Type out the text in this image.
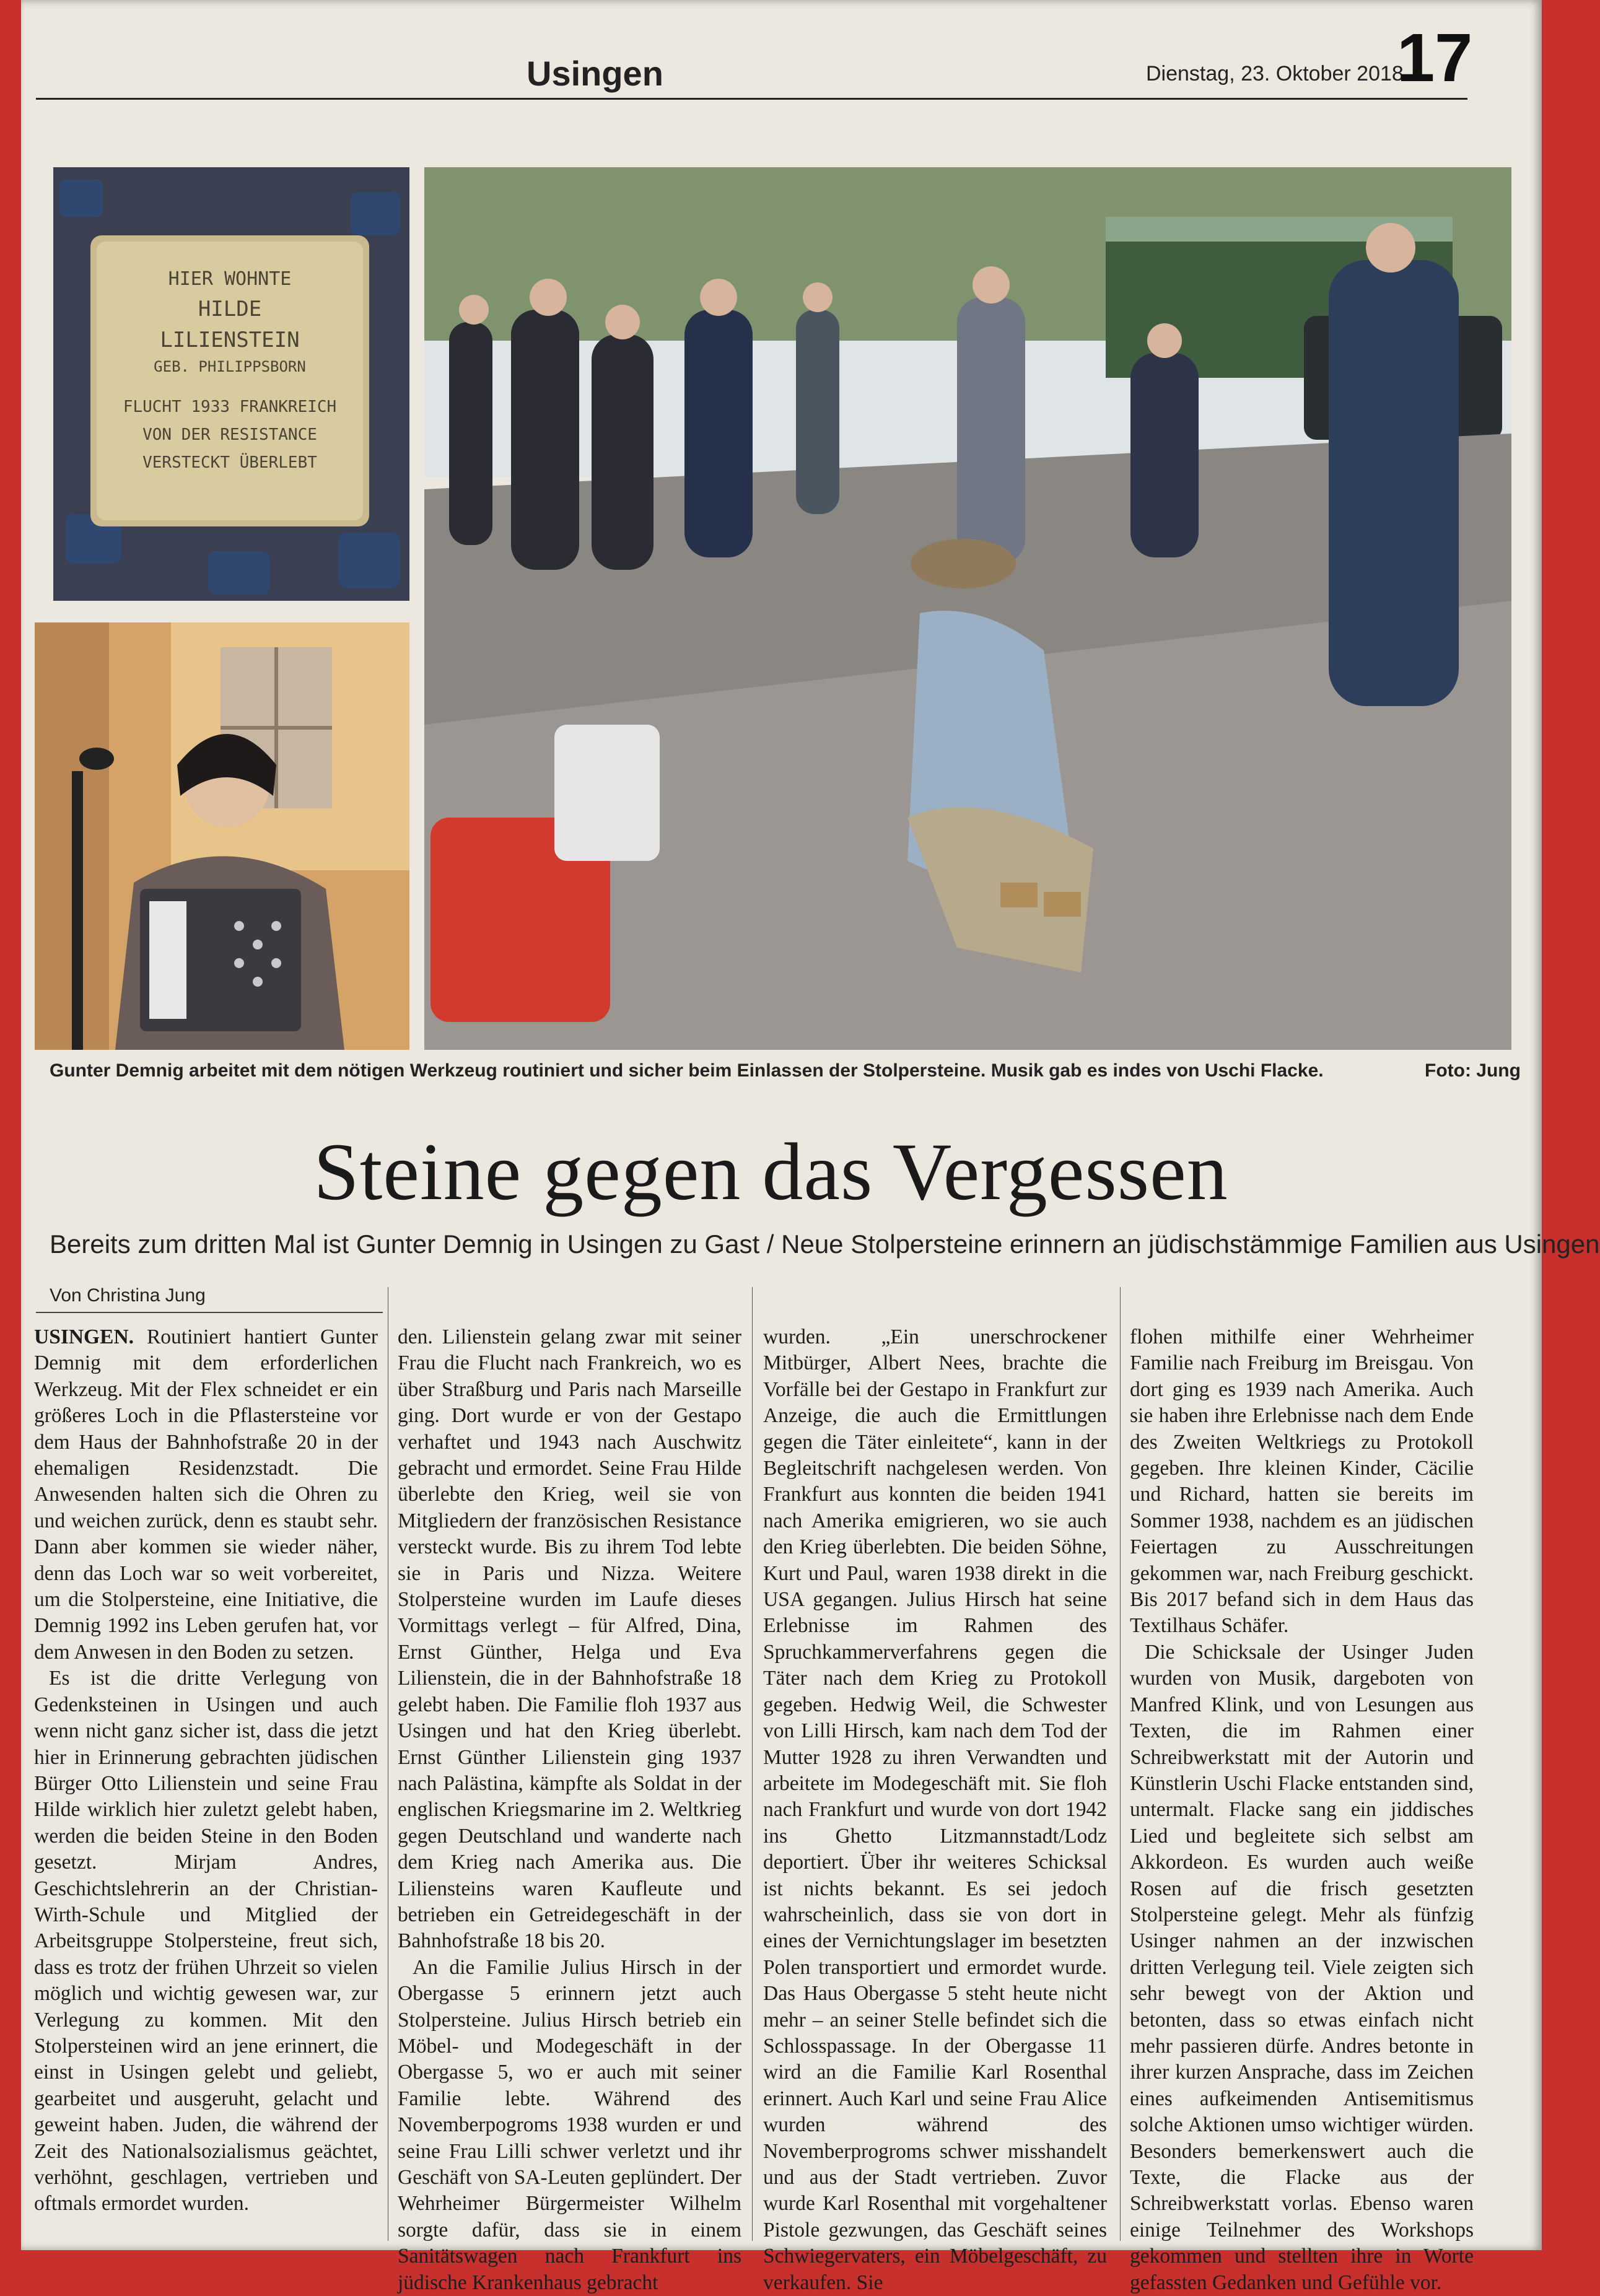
Usingen	Dienstag, 23. Oktober 2018
17
HIER WOHNTE
HILDE
LILIENSTEIN
GEB. PHILIPPSBORN
FLUCHT 1933 FRANKREICH
VON DER RESISTANCE
VERSTECKT ÜBERLEBT
Gunter Demnig arbeitet mit dem nötigen Werkzeug routiniert und sicher beim Einlassen der Stolpersteine. Musik gab es indes von Uschi Flacke.	Foto: Jung
Steine gegen das Vergessen
Bereits zum dritten Mal ist Gunter Demnig in Usingen zu Gast / Neue Stolpersteine erinnern an jüdischstämmige Familien aus Usingen
Von Christina Jung

USINGEN. Routiniert hantiert Gunter Demnig mit dem erforderlichen Werkzeug. Mit der Flex schneidet er ein größeres Loch in die Pflastersteine vor dem Haus der Bahnhofstraße 20 in der ehemaligen Residenzstadt. Die Anwesenden halten sich die Ohren zu und weichen zurück, denn es staubt sehr. Dann aber kommen sie wieder näher, denn das Loch war so weit vorbereitet, um die Stolpersteine, eine Initiative, die Demnig 1992 ins Leben gerufen hat, vor dem Anwesen in den Boden zu setzen.

Es ist die dritte Verlegung von Gedenksteinen in Usingen und auch wenn nicht ganz sicher ist, dass die jetzt hier in Erinnerung gebrachten jüdischen Bürger Otto Lilienstein und seine Frau Hilde wirklich hier zuletzt gelebt haben, werden die beiden Steine in den Boden gesetzt. Mirjam Andres, Geschichtslehrerin an der Christian-Wirth-Schule und Mitglied der Arbeitsgruppe Stolpersteine, freut sich, dass es trotz der frühen Uhrzeit so vielen möglich und wichtig gewesen war, zur Verlegung zu kommen. Mit den Stolpersteinen wird an jene erinnert, die einst in Usingen gelebt und geliebt, gearbeitet und ausgeruht, gelacht und geweint haben. Juden, die während der Zeit des Nationalsozialismus geächtet, verhöhnt, geschlagen, vertrieben und oftmals ermordet wurden.

den. Lilienstein gelang zwar mit seiner Frau die Flucht nach Frankreich, wo es über Straßburg und Paris nach Marseille ging. Dort wurde er von der Gestapo verhaftet und 1943 nach Auschwitz gebracht und ermordet. Seine Frau Hilde überlebte den Krieg, weil sie von Mitgliedern der französischen Resistance versteckt wurde. Bis zu ihrem Tod lebte sie in Paris und Nizza. Weitere Stolpersteine wurden im Laufe dieses Vormittags verlegt – für Alfred, Dina, Ernst Günther, Helga und Eva Lilienstein, die in der Bahnhofstraße 18 gelebt haben. Die Familie floh 1937 aus Usingen und hat den Krieg überlebt. Ernst Günther Lilienstein ging 1937 nach Palästina, kämpfte als Soldat in der englischen Kriegsmarine im 2. Weltkrieg gegen Deutschland und wanderte nach dem Krieg nach Amerika aus. Die Liliensteins waren Kaufleute und betrieben ein Getreidegeschäft in der Bahnhofstraße 18 bis 20.

An die Familie Julius Hirsch in der Obergasse 5 erinnern jetzt auch Stolpersteine. Julius Hirsch betrieb ein Möbel- und Modegeschäft in der Obergasse 5, wo er auch mit seiner Familie lebte. Während des Novemberpogroms 1938 wurden er und seine Frau Lilli schwer verletzt und ihr Geschäft von SA-Leuten geplündert. Der Wehrheimer Bürgermeister Wilhelm sorgte dafür, dass sie in einem Sanitätswagen nach Frankfurt ins jüdische Krankenhaus gebracht

wurden. „Ein unerschrockener Mitbürger, Albert Nees, brachte die Vorfälle bei der Gestapo in Frankfurt zur Anzeige, die auch die Ermittlungen gegen die Täter einleitete“, kann in der Begleitschrift nachgelesen werden. Von Frankfurt aus konnten die beiden 1941 nach Amerika emigrieren, wo sie auch den Krieg überlebten. Die beiden Söhne, Kurt und Paul, waren 1938 direkt in die USA gegangen. Julius Hirsch hat seine Erlebnisse im Rahmen des Spruchkammerverfahrens gegen die Täter nach dem Krieg zu Protokoll gegeben. Hedwig Weil, die Schwester von Lilli Hirsch, kam nach dem Tod der Mutter 1928 zu ihren Verwandten und arbeitete im Modegeschäft mit. Sie floh nach Frankfurt und wurde von dort 1942 ins Ghetto Litzmannstadt/Lodz deportiert. Über ihr weiteres Schicksal ist nichts bekannt. Es sei jedoch wahrscheinlich, dass sie von dort in eines der Vernichtungslager im besetzten Polen transportiert und ermordet wurde. Das Haus Obergasse 5 steht heute nicht mehr – an seiner Stelle befindet sich die Schlosspassage. In der Obergasse 11 wird an die Familie Karl Rosenthal erinnert. Auch Karl und seine Frau Alice wurden während des Novemberprogroms schwer misshandelt und aus der Stadt vertrieben. Zuvor wurde Karl Rosenthal mit vorgehaltener Pistole gezwungen, das Geschäft seines Schwiegervaters, ein Möbelgeschäft, zu verkaufen. Sie

flohen mithilfe einer Wehrheimer Familie nach Freiburg im Breisgau. Von dort ging es 1939 nach Amerika. Auch sie haben ihre Erlebnisse nach dem Ende des Zweiten Weltkriegs zu Protokoll gegeben. Ihre kleinen Kinder, Cäcilie und Richard, hatten sie bereits im Sommer 1938, nachdem es an jüdischen Feiertagen zu Ausschreitungen gekommen war, nach Freiburg geschickt. Bis 2017 befand sich in dem Haus das Textilhaus Schäfer.

Die Schicksale der Usinger Juden wurden von Musik, dargeboten von Manfred Klink, und von Lesungen aus Texten, die im Rahmen einer Schreibwerkstatt mit der Autorin und Künstlerin Uschi Flacke entstanden sind, untermalt. Flacke sang ein jiddisches Lied und begleitete sich selbst am Akkordeon. Es wurden auch weiße Rosen auf die frisch gesetzten Stolpersteine gelegt. Mehr als fünfzig Usinger nahmen an der inzwischen dritten Verlegung teil. Viele zeigten sich sehr bewegt von der Aktion und betonten, dass so etwas einfach nicht mehr passieren dürfe. Andres betonte in ihrer kurzen Ansprache, dass im Zeichen eines aufkeimenden Antisemitismus solche Aktionen umso wichtiger würden. Besonders bemerkenswert auch die Texte, die Flacke aus der Schreibwerkstatt vorlas. Ebenso waren einige Teilnehmer des Workshops gekommen und stellten ihre in Worte gefassten Gedanken und Gefühle vor.
